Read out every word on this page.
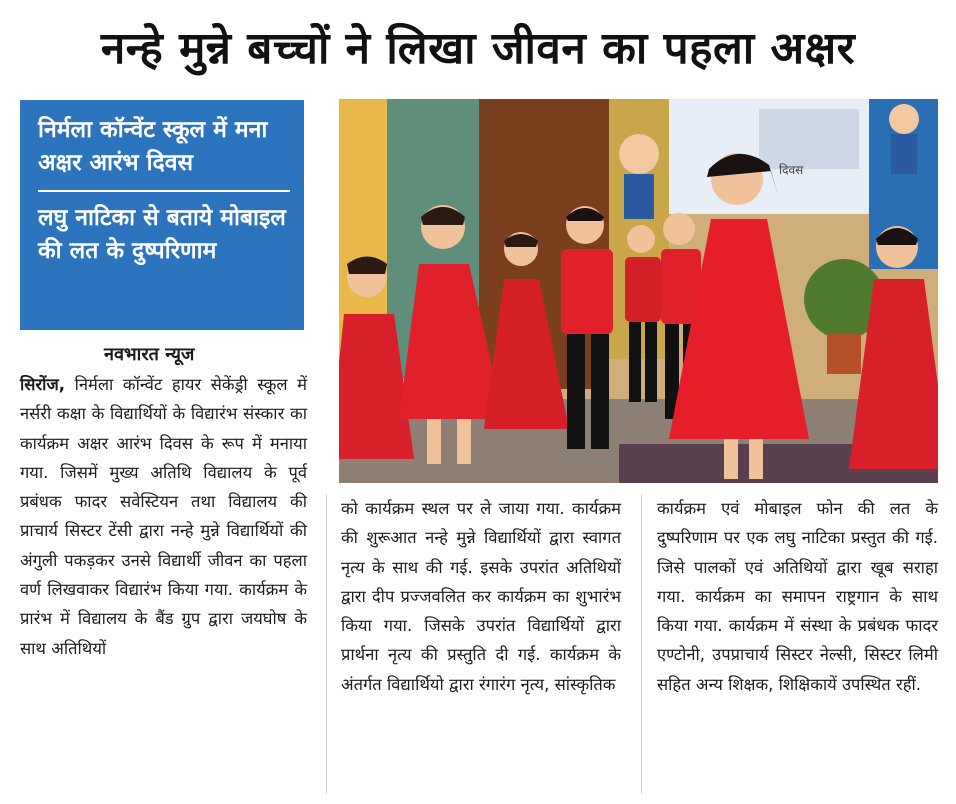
नन्हे मुन्ने बच्चों ने लिखा जीवन का पहला अक्षर
निर्मला कॉन्वेंट स्कूल में मना अक्षर आरंभ दिवस
लघु नाटिका से बताये मोबाइल की लत के दुष्परिणाम
नवभारत न्यूज
सिरोंज, निर्मला कॉन्वेंट हायर सेकेंड्री स्कूल में नर्सरी कक्षा के विद्यार्थियों के विद्यारंभ संस्कार का कार्यक्रम अक्षर आरंभ दिवस के रूप में मनाया गया. जिसमें मुख्य अतिथि विद्यालय के पूर्व प्रबंधक फादर सवेस्टियन तथा विद्यालय की प्राचार्य सिस्टर टेंसी द्वारा नन्हे मुन्ने विद्यार्थियों की अंगुली पकड़कर उनसे विद्यार्थी जीवन का पहला वर्ण लिखवाकर विद्यारंभ किया गया. कार्यक्रम के प्रारंभ में विद्यालय के बैंड ग्रुप द्वारा जयघोष के साथ अतिथियों
को कार्यक्रम स्थल पर ले जाया गया. कार्यक्रम की शुरूआत नन्हे मुन्ने विद्यार्थियों द्वारा स्वागत नृत्य के साथ की गई. इसके उपरांत अतिथियों द्वारा दीप प्रज्जवलित कर कार्यक्रम का शुभारंभ किया गया. जिसके उपरांत विद्यार्थियों द्वारा प्रार्थना नृत्य की प्रस्तुति दी गई. कार्यक्रम के अंतर्गत विद्यार्थियो द्वारा रंगारंग नृत्य, सांस्कृतिक
कार्यक्रम एवं मोबाइल फोन की लत के दुष्परिणाम पर एक लघु नाटिका प्रस्तुत की गई. जिसे पालकों एवं अतिथियों द्वारा खूब सराहा गया. कार्यक्रम का समापन राष्ट्रगान के साथ किया गया. कार्यक्रम में संस्था के प्रबंधक फादर एण्टोनी, उपप्राचार्य सिस्टर नेल्सी, सिस्टर लिमी सहित अन्य शिक्षक, शिक्षिकायें उपस्थित रहीं.
दिवस
